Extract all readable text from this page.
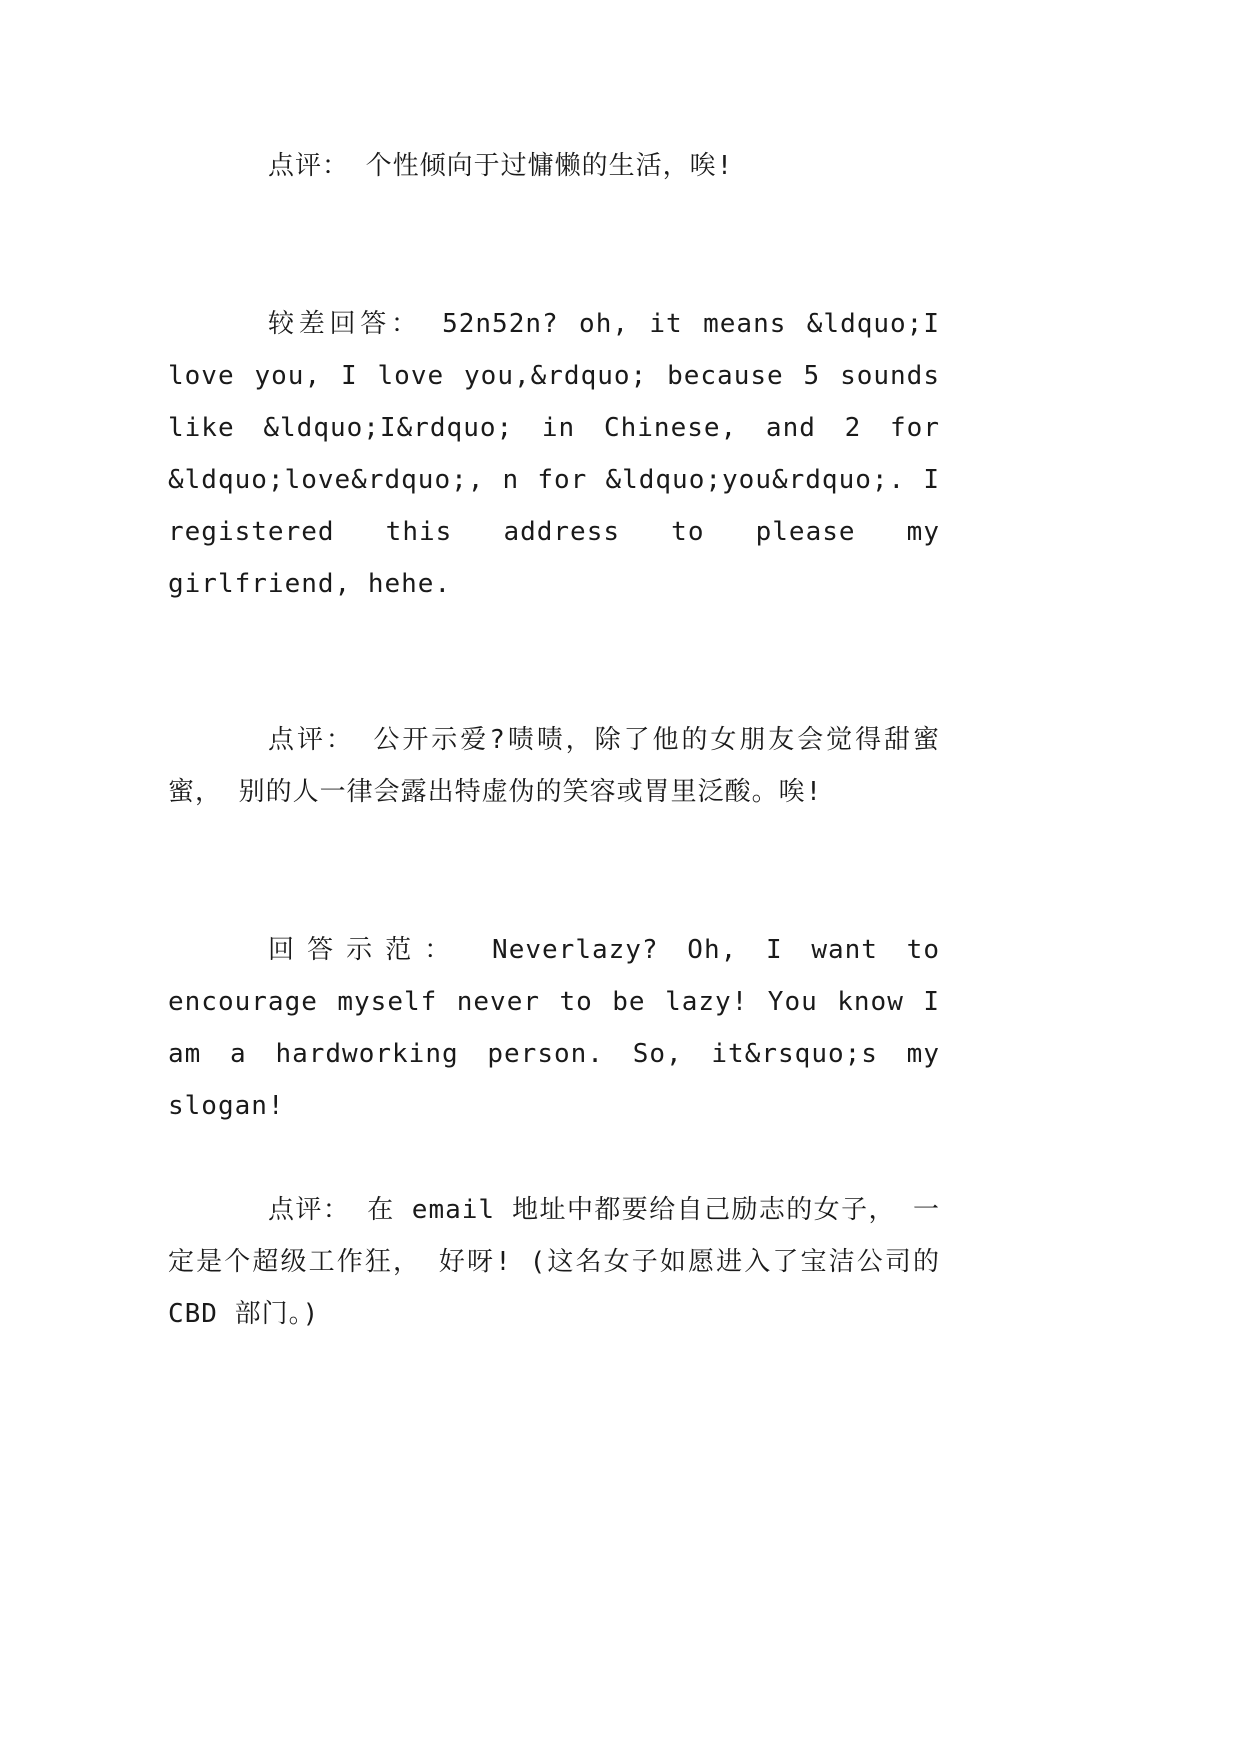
点评： 个性倾向于过慵懒的生活，唉!

较差回答： 52n52n? oh, it means &ldquo;I love you, I love you,&rdquo; because 5 sounds like &ldquo;I&rdquo; in Chinese, and 2 for &ldquo;love&rdquo;, n for &ldquo;you&rdquo;. I registered this address to please my girlfriend, hehe.

点评： 公开示爱?啧啧，除了他的女朋友会觉得甜蜜蜜， 别的人一律会露出特虚伪的笑容或胃里泛酸。唉!

回答示范： Neverlazy? Oh, I want to encourage myself never to be lazy! You know I am a hardworking person. So, it&rsquo;s my slogan!

点评： 在 email 地址中都要给自己励志的女子， 一定是个超级工作狂， 好呀! (这名女子如愿进入了宝洁公司的 CBD 部门。)
